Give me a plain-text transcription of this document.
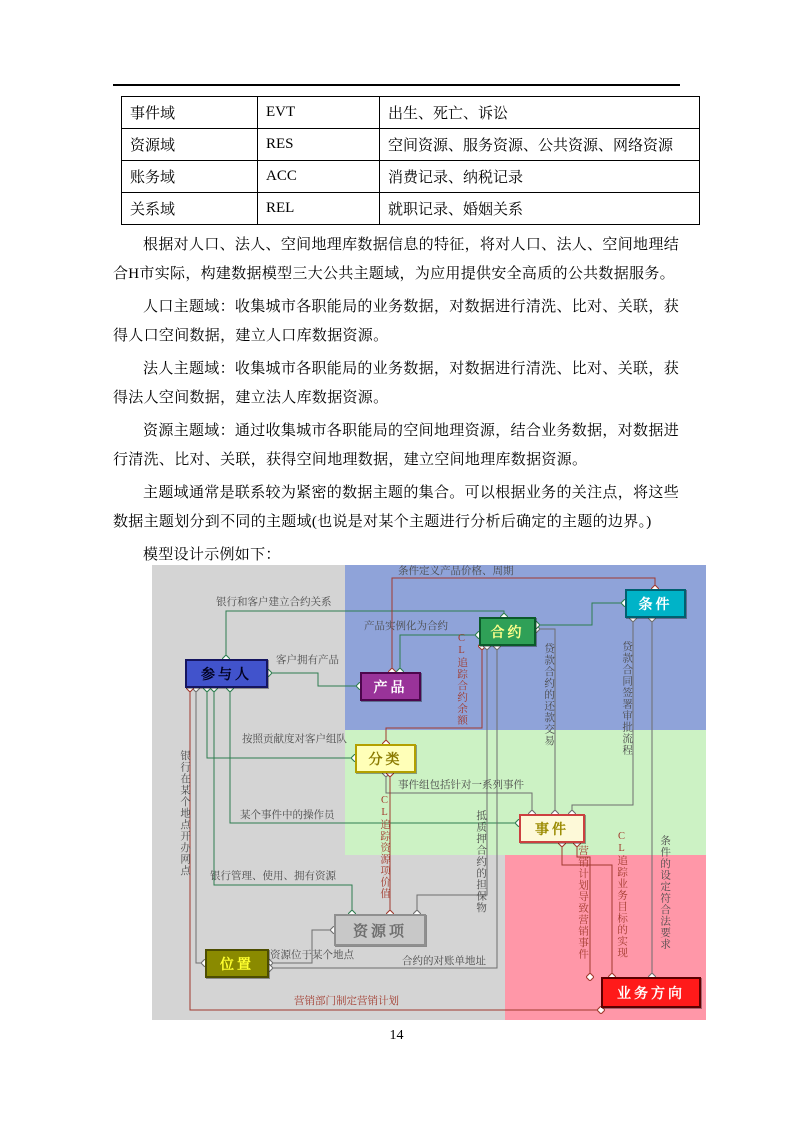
事件域	EVT	出生、死亡、诉讼
资源域	RES	空间资源、服务资源、公共资源、网络资源
账务域	ACC	消费记录、纳税记录
关系域	REL	就职记录、婚姻关系

根据对人口、法人、空间地理库数据信息的特征，将对人口、法人、空间地理结合H市实际，构建数据模型三大公共主题域，为应用提供安全高质的公共数据服务。

人口主题域：收集城市各职能局的业务数据，对数据进行清洗、比对、关联，获得人口空间数据，建立人口库数据资源。

法人主题域：收集城市各职能局的业务数据，对数据进行清洗、比对、关联，获得法人空间数据，建立法人库数据资源。

资源主题域：通过收集城市各职能局的空间地理资源，结合业务数据，对数据进行清洗、比对、关联，获得空间地理数据，建立空间地理库数据资源。

主题域通常是联系较为紧密的数据主题的集合。可以根据业务的关注点，将这些数据主题划分到不同的主题域(也说是对某个主题进行分析后确定的主题的边界。)

模型设计示例如下：

参与人
产品
合约
条件
分类
事件
资源项
位置
业务方向
银行和客户建立合约关系
条件定义产品价格、周期
产品实例化为合约
客户拥有产品
按照贡献度对客户组队
事件组包括针对一系列事件
某个事件中的操作员
银行管理、使用、拥有资源
资源位于某个地点
合约的对账单地址
营销部门制定营销计划
CL追踪合约余额	贷款合约的还款交易	贷款合同签署审批流程
CL追踪资源项价值	抵质押合约的担保物	CL追踪业务目标的实现	条件的设定符合法要求
银行在某个地点开办网点
营销计划导致营销事件
14
